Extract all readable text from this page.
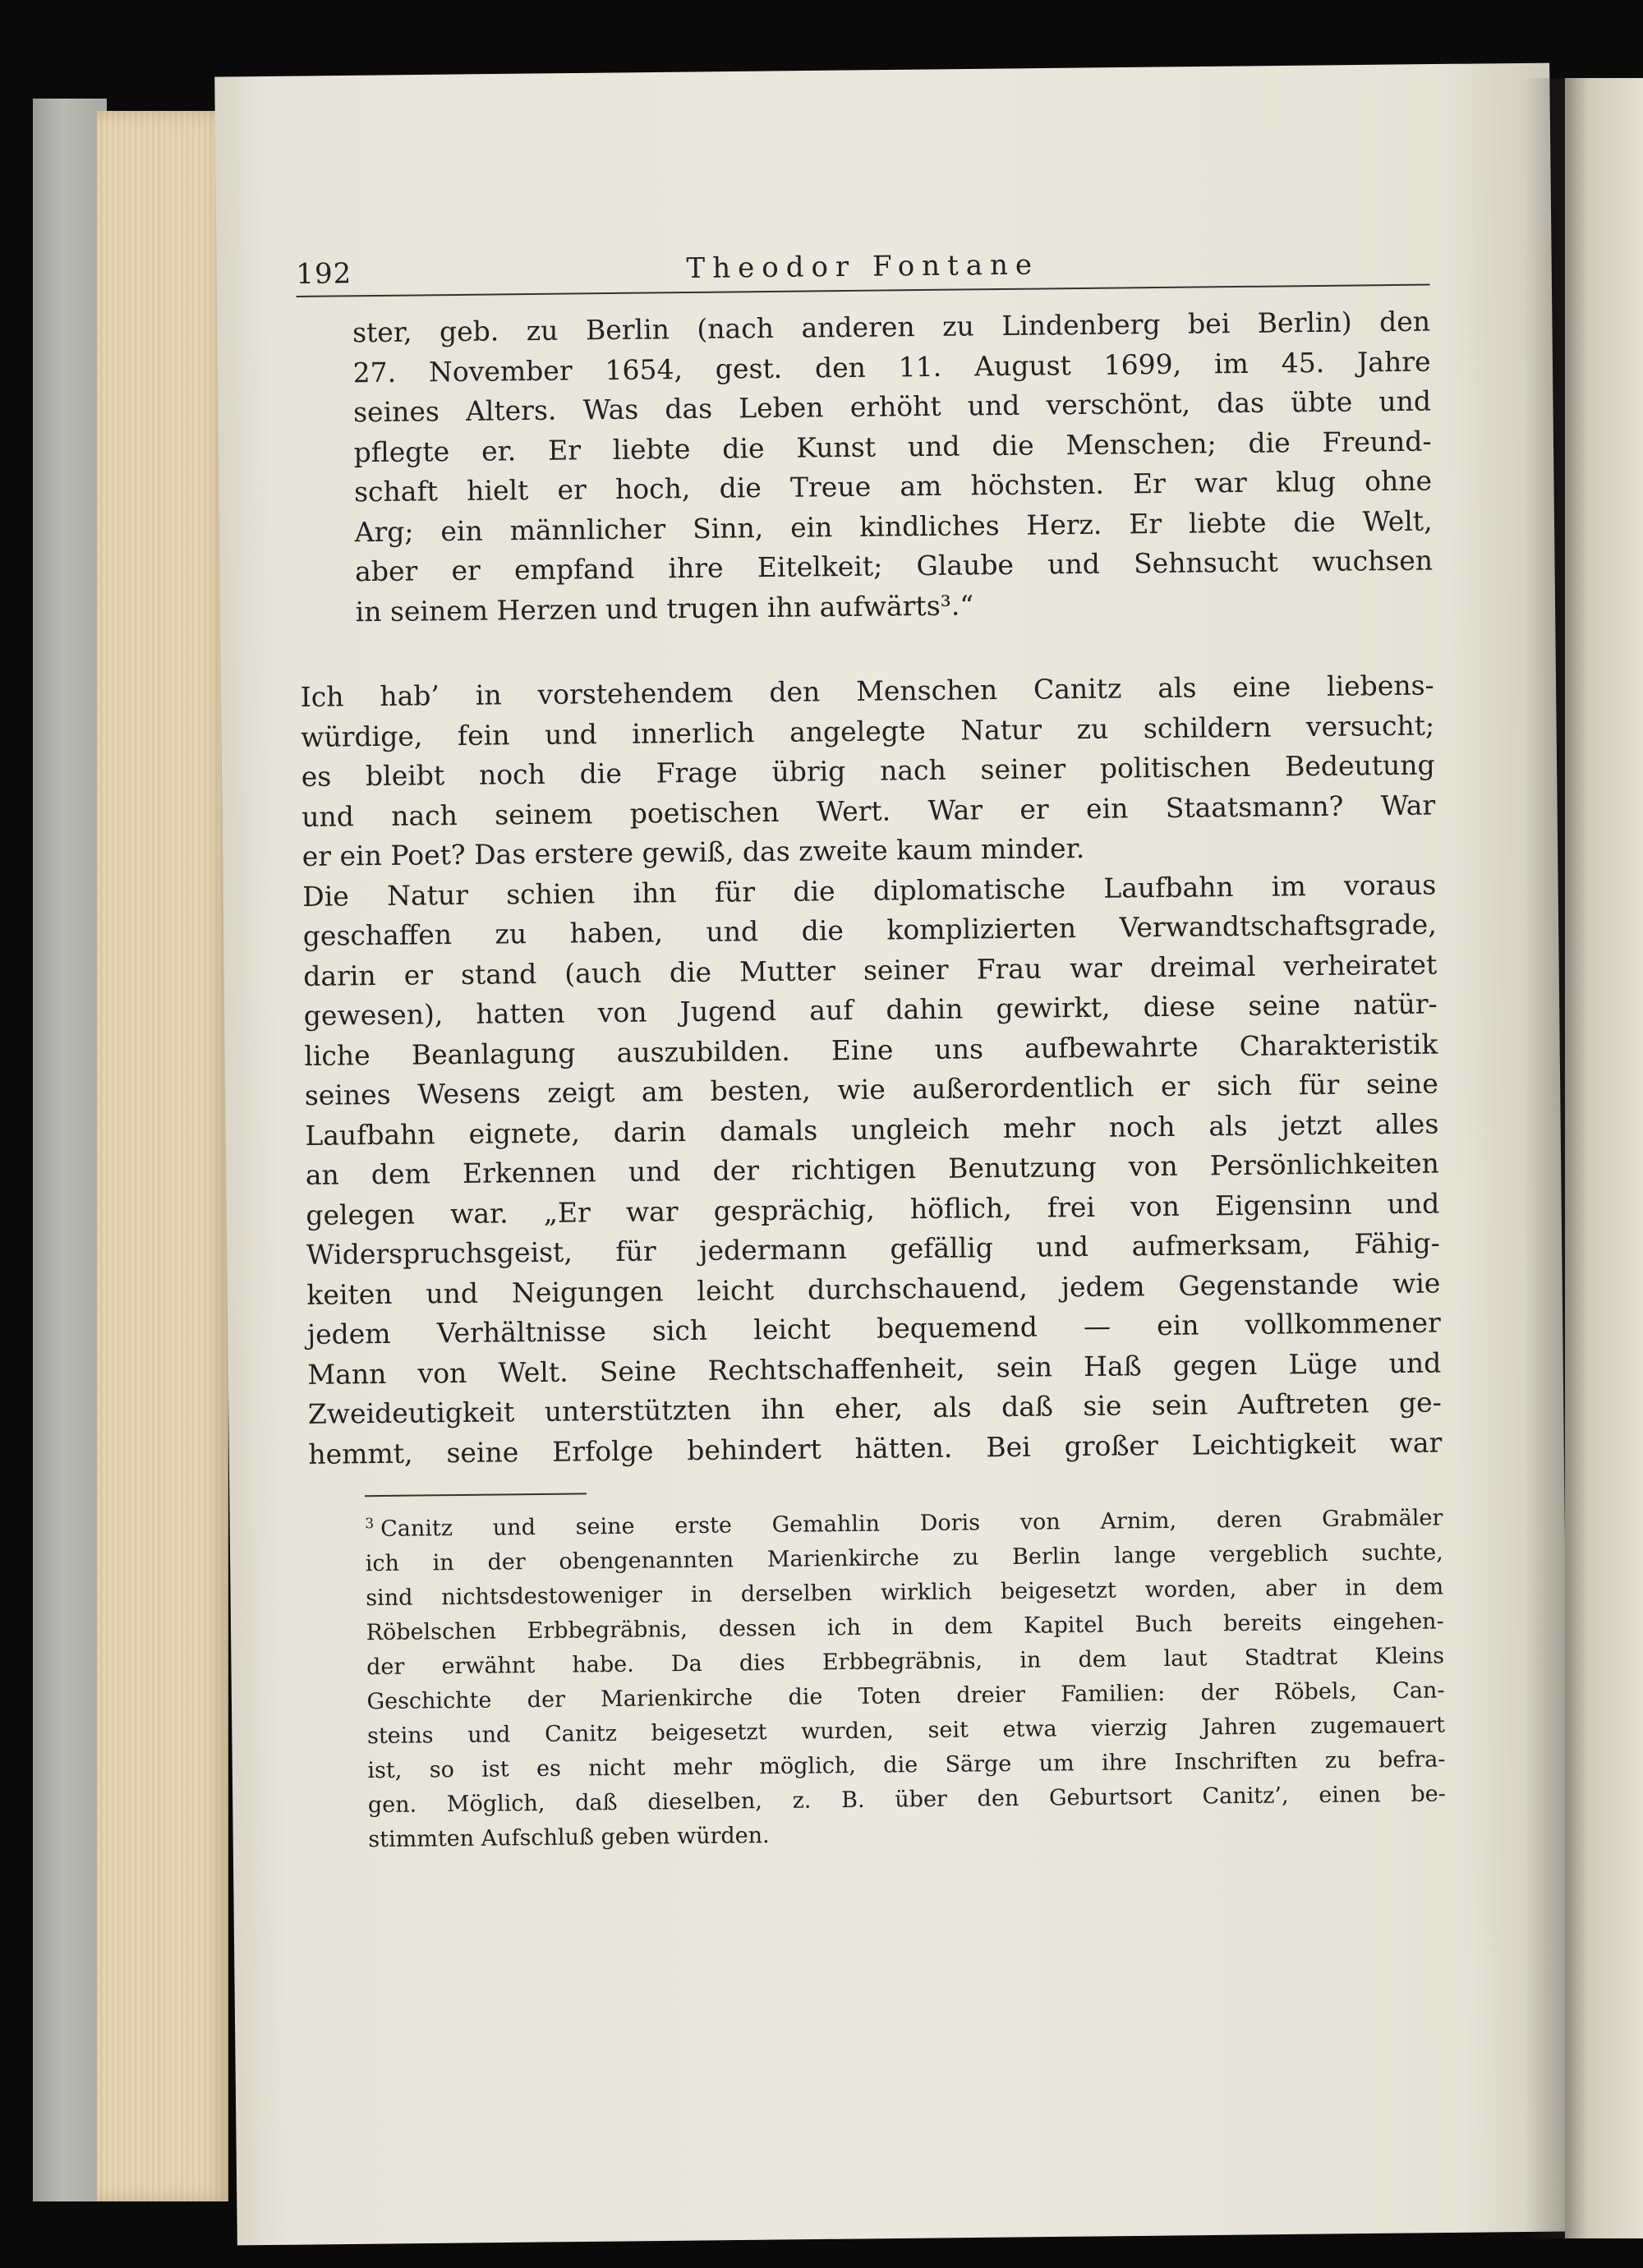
192	Theodor Fontane
ster, geb. zu Berlin (nach anderen zu Lindenberg bei Berlin) den
27. November 1654, gest. den 11. August 1699, im 45. Jahre
seines Alters. Was das Leben erhöht und verschönt, das übte und
pflegte er. Er liebte die Kunst und die Menschen; die Freund-
schaft hielt er hoch, die Treue am höchsten. Er war klug ohne
Arg; ein männlicher Sinn, ein kindliches Herz. Er liebte die Welt,
aber er empfand ihre Eitelkeit; Glaube und Sehnsucht wuchsen
in seinem Herzen und trugen ihn aufwärts³.“
Ich hab’ in vorstehendem den Menschen Canitz als eine liebens-
würdige, fein und innerlich angelegte Natur zu schildern versucht;
es bleibt noch die Frage übrig nach seiner politischen Bedeutung
und nach seinem poetischen Wert. War er ein Staatsmann? War
er ein Poet? Das erstere gewiß, das zweite kaum minder.
Die Natur schien ihn für die diplomatische Laufbahn im voraus
geschaffen zu haben, und die komplizierten Verwandtschaftsgrade,
darin er stand (auch die Mutter seiner Frau war dreimal verheiratet
gewesen), hatten von Jugend auf dahin gewirkt, diese seine natür-
liche Beanlagung auszubilden. Eine uns aufbewahrte Charakteristik
seines Wesens zeigt am besten, wie außerordentlich er sich für seine
Laufbahn eignete, darin damals ungleich mehr noch als jetzt alles
an dem Erkennen und der richtigen Benutzung von Persönlichkeiten
gelegen war. „Er war gesprächig, höflich, frei von Eigensinn und
Widerspruchsgeist, für jedermann gefällig und aufmerksam, Fähig-
keiten und Neigungen leicht durchschauend, jedem Gegenstande wie
jedem Verhältnisse sich leicht bequemend — ein vollkommener
Mann von Welt. Seine Rechtschaffenheit, sein Haß gegen Lüge und
Zweideutigkeit unterstützten ihn eher, als daß sie sein Auftreten ge-
hemmt, seine Erfolge behindert hätten. Bei großer Leichtigkeit war
$^3$ Canitz und seine erste Gemahlin Doris von Arnim, deren Grabmäler
ich in der obengenannten Marienkirche zu Berlin lange vergeblich suchte,
sind nichtsdestoweniger in derselben wirklich beigesetzt worden, aber in dem
Röbelschen Erbbegräbnis, dessen ich in dem Kapitel Buch bereits eingehen-
der erwähnt habe. Da dies Erbbegräbnis, in dem laut Stadtrat Kleins
Geschichte der Marienkirche die Toten dreier Familien: der Röbels, Can-
steins und Canitz beigesetzt wurden, seit etwa vierzig Jahren zugemauert
ist, so ist es nicht mehr möglich, die Särge um ihre Inschriften zu befra-
gen. Möglich, daß dieselben, z. B. über den Geburtsort Canitz’, einen be-
stimmten Aufschluß geben würden.
